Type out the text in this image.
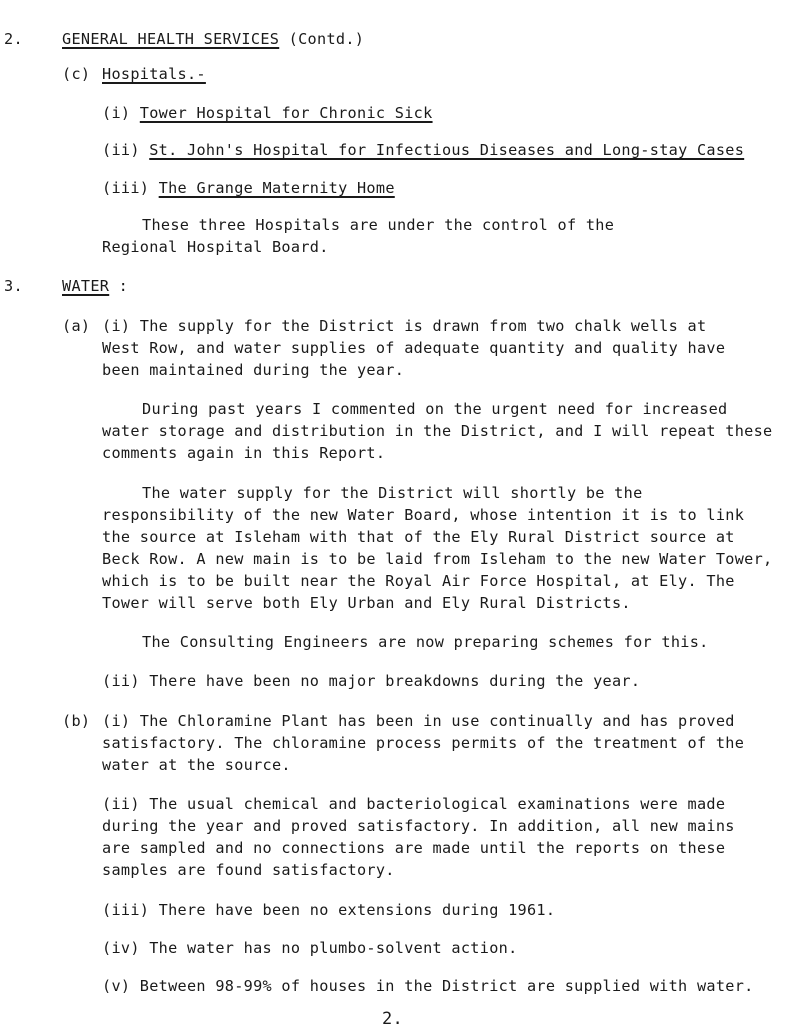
2.	GENERAL HEALTH SERVICES (Contd.)
(c) Hospitals.-
(i) Tower Hospital for Chronic Sick
(ii) St. John's Hospital for Infectious Diseases and Long-stay Cases
(iii) The Grange Maternity Home
These three Hospitals are under the control of the
Regional Hospital Board.
3.	WATER :
(a) (i) The supply for the District is drawn from two chalk wells at
West Row, and water supplies of adequate quantity and quality have
been maintained during the year.
During past years I commented on the urgent need for increased
water storage and distribution in the District, and I will repeat these
comments again in this Report.
The water supply for the District will shortly be the
responsibility of the new Water Board, whose intention it is to link
the source at Isleham with that of the Ely Rural District source at
Beck Row. A new main is to be laid from Isleham to the new Water Tower,
which is to be built near the Royal Air Force Hospital, at Ely. The
Tower will serve both Ely Urban and Ely Rural Districts.
The Consulting Engineers are now preparing schemes for this.
(ii) There have been no major breakdowns during the year.
(b) (i) The Chloramine Plant has been in use continually and has proved
satisfactory. The chloramine process permits of the treatment of the
water at the source.
(ii) The usual chemical and bacteriological examinations were made
during the year and proved satisfactory. In addition, all new mains
are sampled and no connections are made until the reports on these
samples are found satisfactory.
(iii) There have been no extensions during 1961.
(iv) The water has no plumbo-solvent action.
(v) Between 98-99% of houses in the District are supplied with water.
2.
